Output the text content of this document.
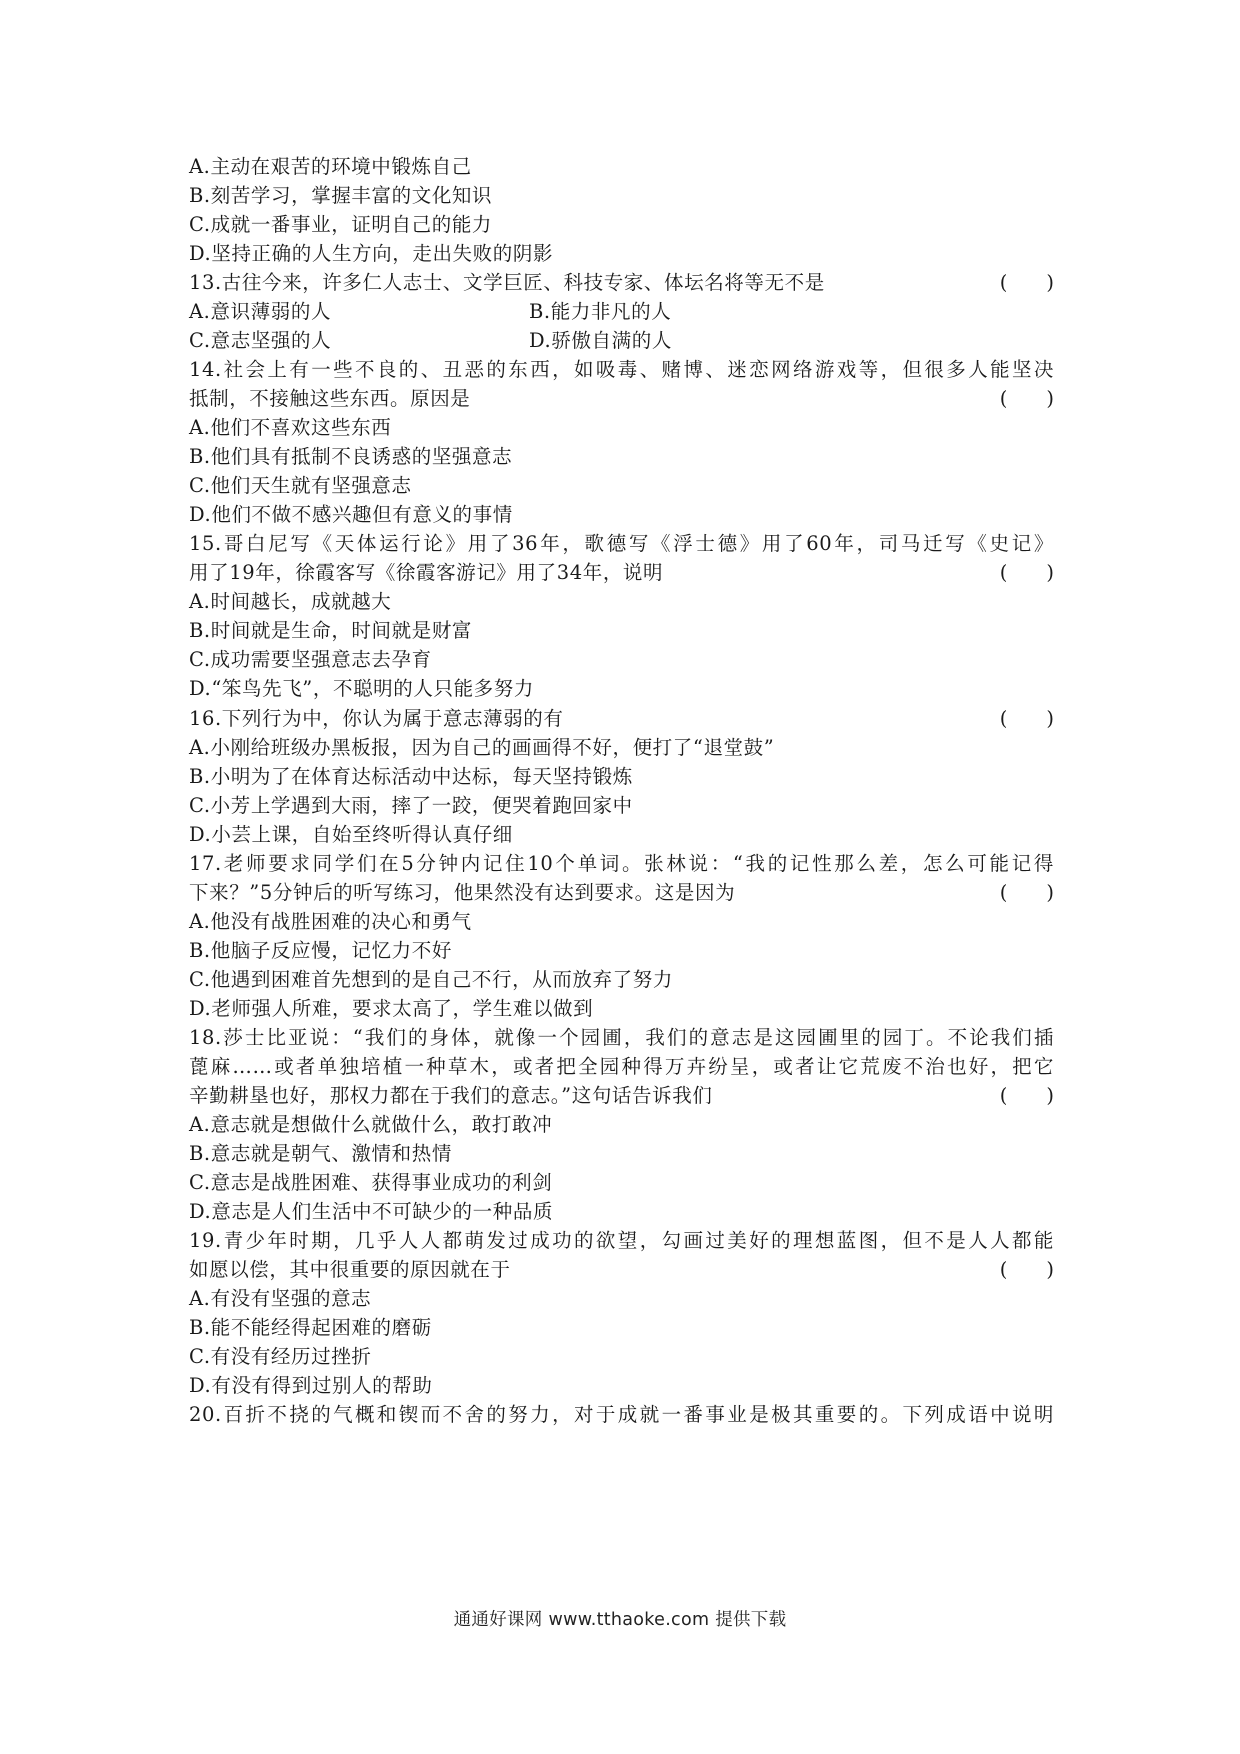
A.主动在艰苦的环境中锻炼自己
B.刻苦学习，掌握丰富的文化知识
C.成就一番事业，证明自己的能力
D.坚持正确的人生方向，走出失败的阴影
13.古往今来，许多仁人志士、文学巨匠、科技专家、体坛名将等无不是	(　　)
A.意识薄弱的人	B.能力非凡的人
C.意志坚强的人	D.骄傲自满的人
14.社会上有一些不良的、丑恶的东西，如吸毒、赌博、迷恋网络游戏等，但很多人能坚决
抵制，不接触这些东西。原因是	(　　)
A.他们不喜欢这些东西
B.他们具有抵制不良诱惑的坚强意志
C.他们天生就有坚强意志
D.他们不做不感兴趣但有意义的事情
15.哥白尼写《天体运行论》用了36年，歌德写《浮士德》用了60年，司马迁写《史记》
用了19年，徐霞客写《徐霞客游记》用了34年，说明	(　　)
A.时间越长，成就越大
B.时间就是生命，时间就是财富
C.成功需要坚强意志去孕育
D.“笨鸟先飞”，不聪明的人只能多努力
16.下列行为中，你认为属于意志薄弱的有	(　　)
A.小刚给班级办黑板报，因为自己的画画得不好，便打了“退堂鼓”
B.小明为了在体育达标活动中达标，每天坚持锻炼
C.小芳上学遇到大雨，摔了一跤，便哭着跑回家中
D.小芸上课，自始至终听得认真仔细
17.老师要求同学们在5分钟内记住10个单词。张林说：“我的记性那么差，怎么可能记得
下来？”5分钟后的听写练习，他果然没有达到要求。这是因为	(　　)
A.他没有战胜困难的决心和勇气
B.他脑子反应慢，记忆力不好
C.他遇到困难首先想到的是自己不行，从而放弃了努力
D.老师强人所难，要求太高了，学生难以做到
18.莎士比亚说：“我们的身体，就像一个园圃，我们的意志是这园圃里的园丁。不论我们插
蓖麻……或者单独培植一种草木，或者把全园种得万卉纷呈，或者让它荒废不治也好，把它
辛勤耕垦也好，那权力都在于我们的意志。”这句话告诉我们	(　　)
A.意志就是想做什么就做什么，敢打敢冲
B.意志就是朝气、激情和热情
C.意志是战胜困难、获得事业成功的利剑
D.意志是人们生活中不可缺少的一种品质
19.青少年时期，几乎人人都萌发过成功的欲望，勾画过美好的理想蓝图，但不是人人都能
如愿以偿，其中很重要的原因就在于	(　　)
A.有没有坚强的意志
B.能不能经得起困难的磨砺
C.有没有经历过挫折
D.有没有得到过别人的帮助
20.百折不挠的气概和锲而不舍的努力，对于成就一番事业是极其重要的。下列成语中说明
通通好课网 www.tthaoke.com 提供下载
